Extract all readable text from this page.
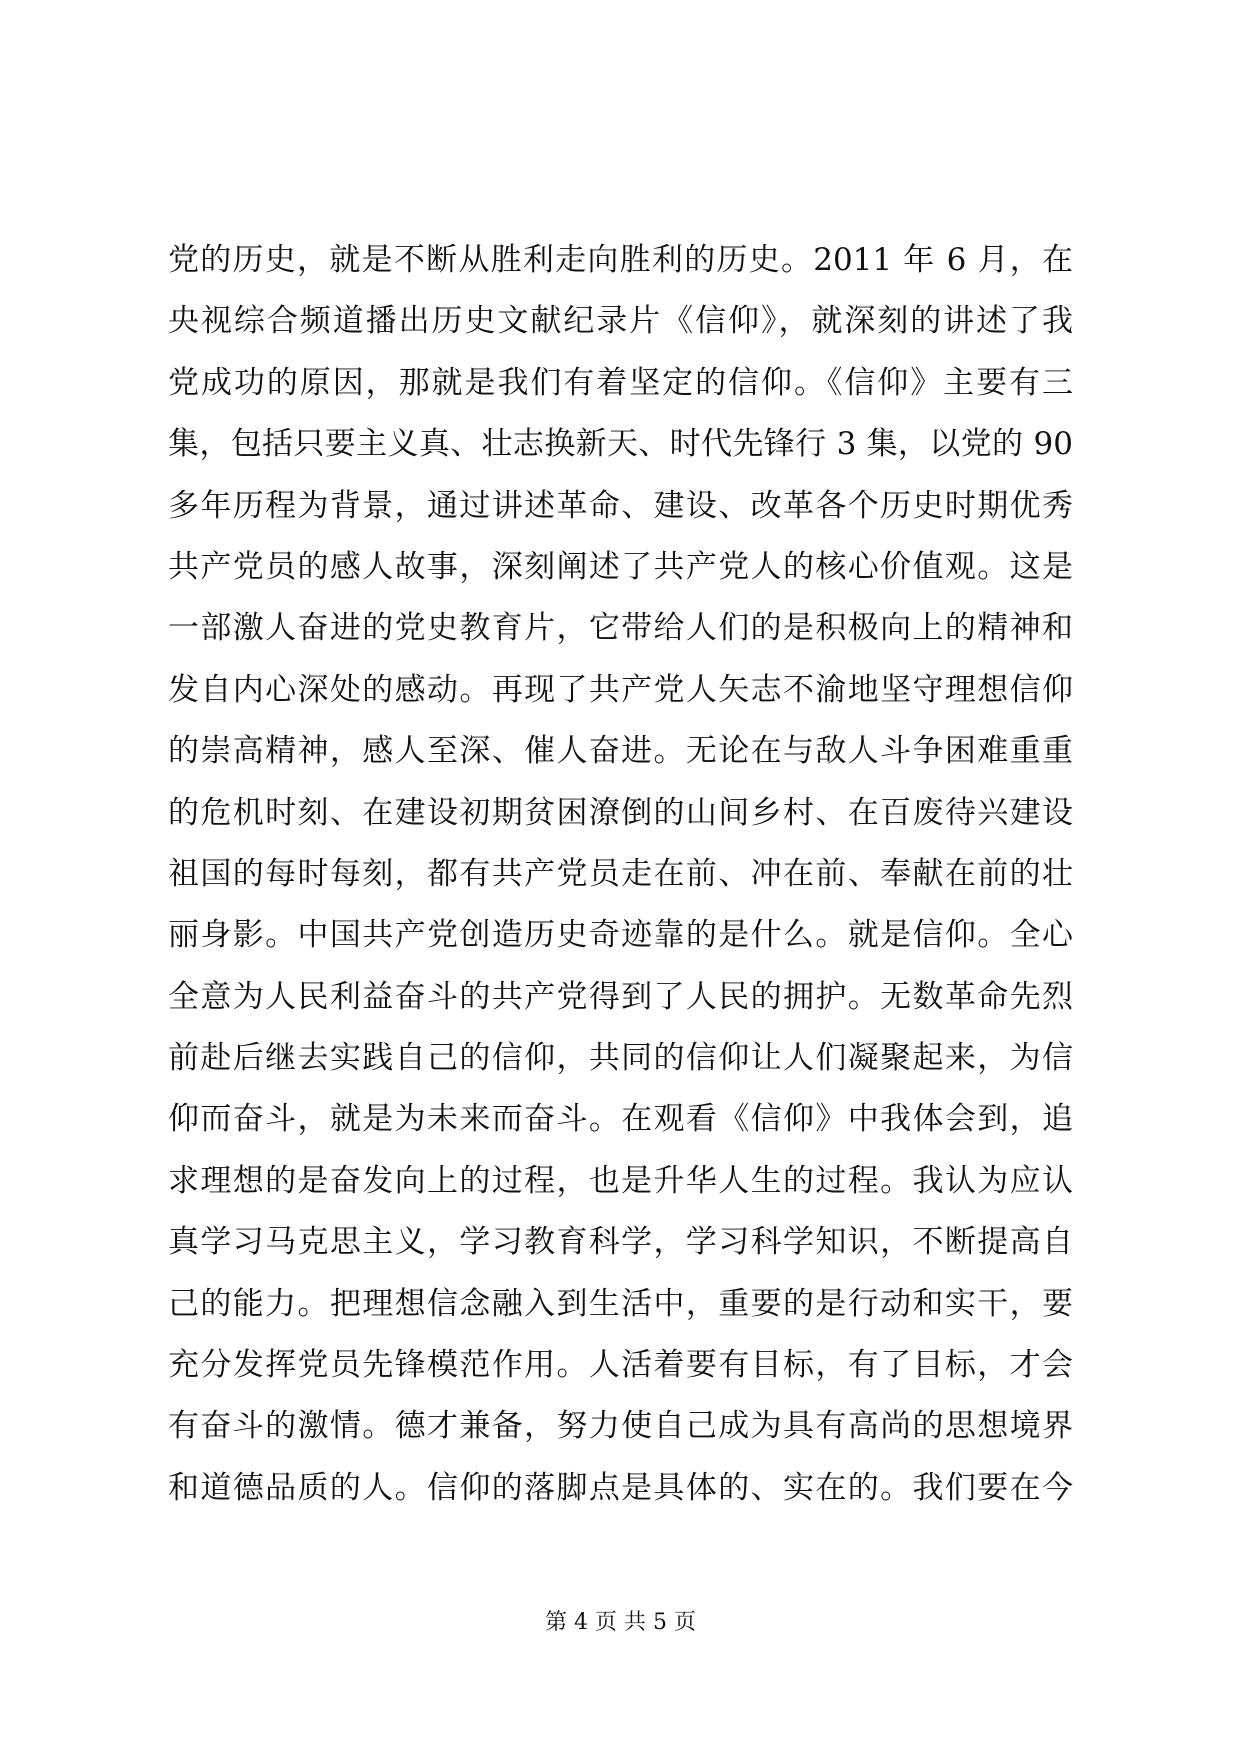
党的历史，就是不断从胜利走向胜利的历史。2011 年 6 月，在
央视综合频道播出历史文献纪录片《信仰》，就深刻的讲述了我
党成功的原因，那就是我们有着坚定的信仰。《信仰》主要有三
集，包括只要主义真、壮志换新天、时代先锋行 3 集，以党的 90
多年历程为背景，通过讲述革命、建设、改革各个历史时期优秀
共产党员的感人故事，深刻阐述了共产党人的核心价值观。这是
一部激人奋进的党史教育片，它带给人们的是积极向上的精神和
发自内心深处的感动。再现了共产党人矢志不渝地坚守理想信仰
的崇高精神，感人至深、催人奋进。无论在与敌人斗争困难重重
的危机时刻、在建设初期贫困潦倒的山间乡村、在百废待兴建设
祖国的每时每刻，都有共产党员走在前、冲在前、奉献在前的壮
丽身影。中国共产党创造历史奇迹靠的是什么。就是信仰。全心
全意为人民利益奋斗的共产党得到了人民的拥护。无数革命先烈
前赴后继去实践自己的信仰，共同的信仰让人们凝聚起来，为信
仰而奋斗，就是为未来而奋斗。在观看《信仰》中我体会到，追
求理想的是奋发向上的过程，也是升华人生的过程。我认为应认
真学习马克思主义，学习教育科学，学习科学知识，不断提高自
己的能力。把理想信念融入到生活中，重要的是行动和实干，要
充分发挥党员先锋模范作用。人活着要有目标，有了目标，才会
有奋斗的激情。德才兼备，努力使自己成为具有高尚的思想境界
和道德品质的人。信仰的落脚点是具体的、实在的。我们要在今
第 4 页 共 5 页
